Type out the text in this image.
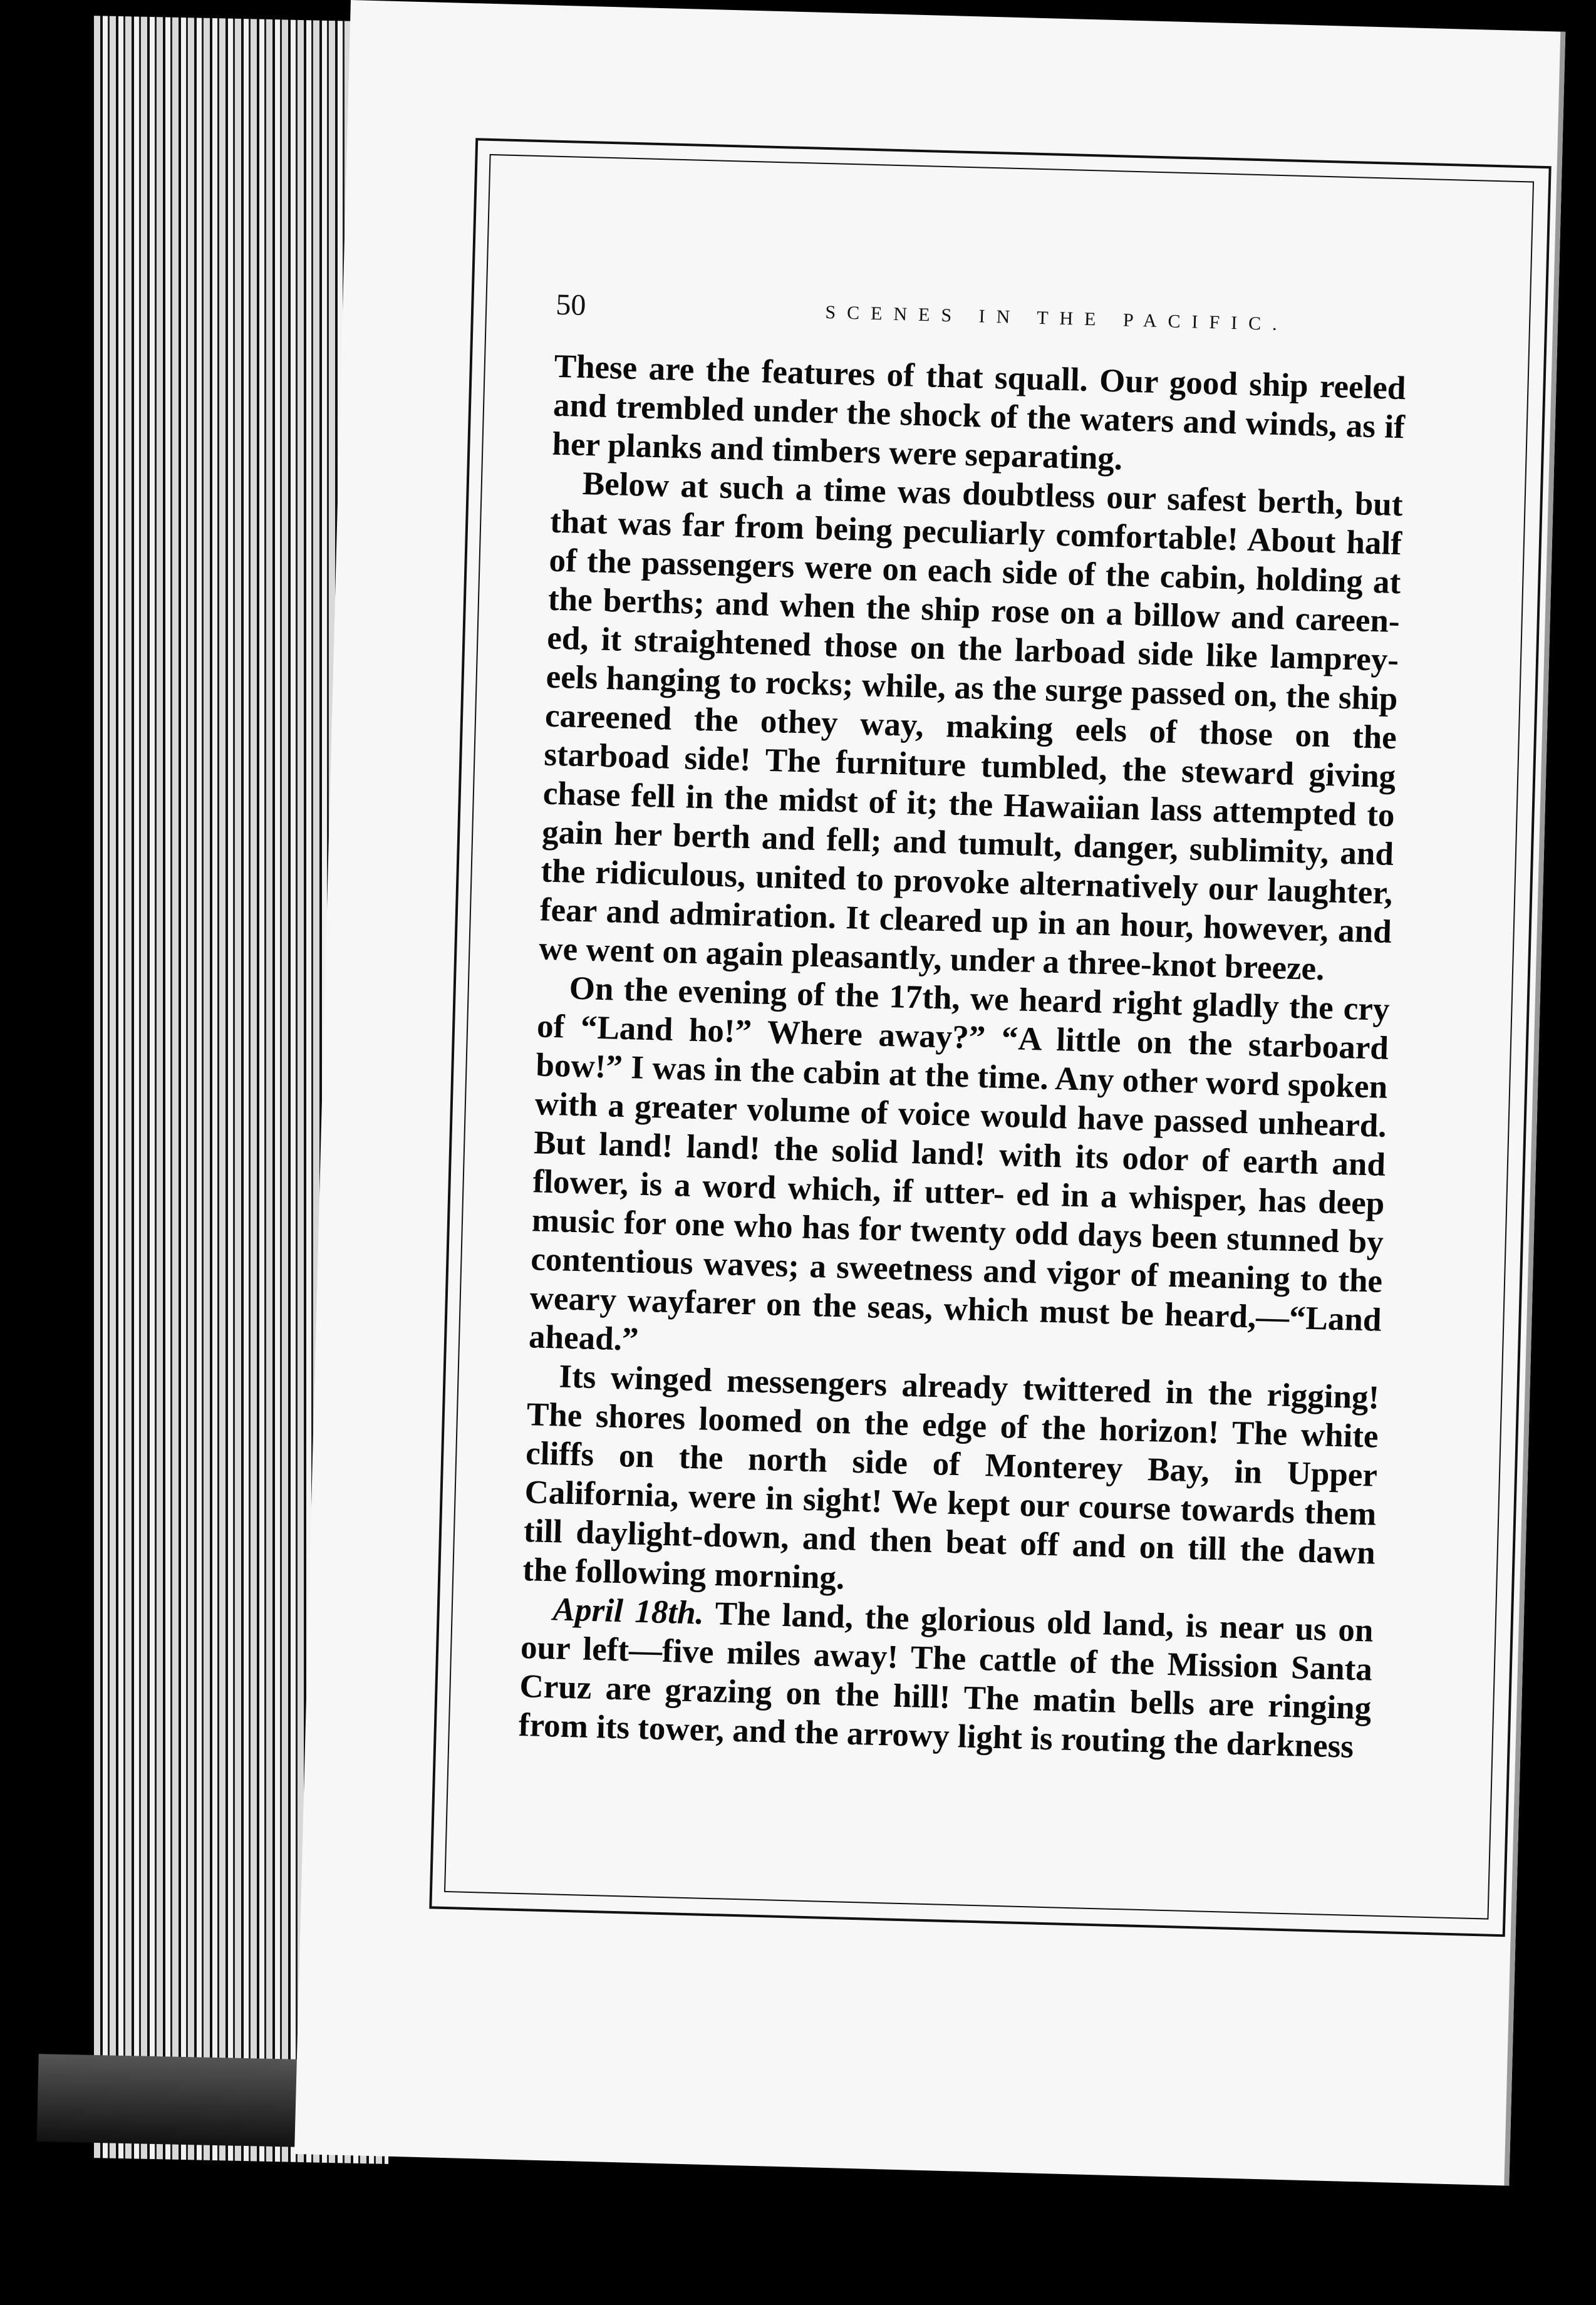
50	SCENES IN THE PACIFIC.

These are the features of that squall. Our good ship reeled and trembled under the shock of the waters and winds, as if her planks and timbers were separating.

Below at such a time was doubtless our safest berth, but that was far from being peculiarly comfortable! About half of the passengers were on each side of the cabin, holding at the berths; and when the ship rose on a billow and careen- ed, it straightened those on the larboad side like lamprey- eels hanging to rocks; while, as the surge passed on, the ship careened the othey way, making eels of those on the starboad side! The furniture tumbled, the steward giving chase fell in the midst of it; the Hawaiian lass attempted to gain her berth and fell; and tumult, danger, sublimity, and the ridiculous, united to provoke alternatively our laughter, fear and admiration. It cleared up in an hour, however, and we went on again pleasantly, under a three-knot breeze.

On the evening of the 17th, we heard right gladly the cry of “Land ho!” Where away?” “A little on the starboard bow!” I was in the cabin at the time. Any other word spoken with a greater volume of voice would have passed unheard. But land! land! the solid land! with its odor of earth and flower, is a word which, if utter- ed in a whisper, has deep music for one who has for twenty odd days been stunned by contentious waves; a sweetness and vigor of meaning to the weary wayfarer on the seas, which must be heard,—“Land ahead.”

Its winged messengers already twittered in the rigging! The shores loomed on the edge of the horizon! The white cliffs on the north side of Monterey Bay, in Upper California, were in sight! We kept our course towards them till daylight-down, and then beat off and on till the dawn the following morning.

April 18th. The land, the glorious old land, is near us on our left—five miles away! The cattle of the Mission Santa Cruz are grazing on the hill! The matin bells are ringing from its tower, and the arrowy light is routing the darkness
